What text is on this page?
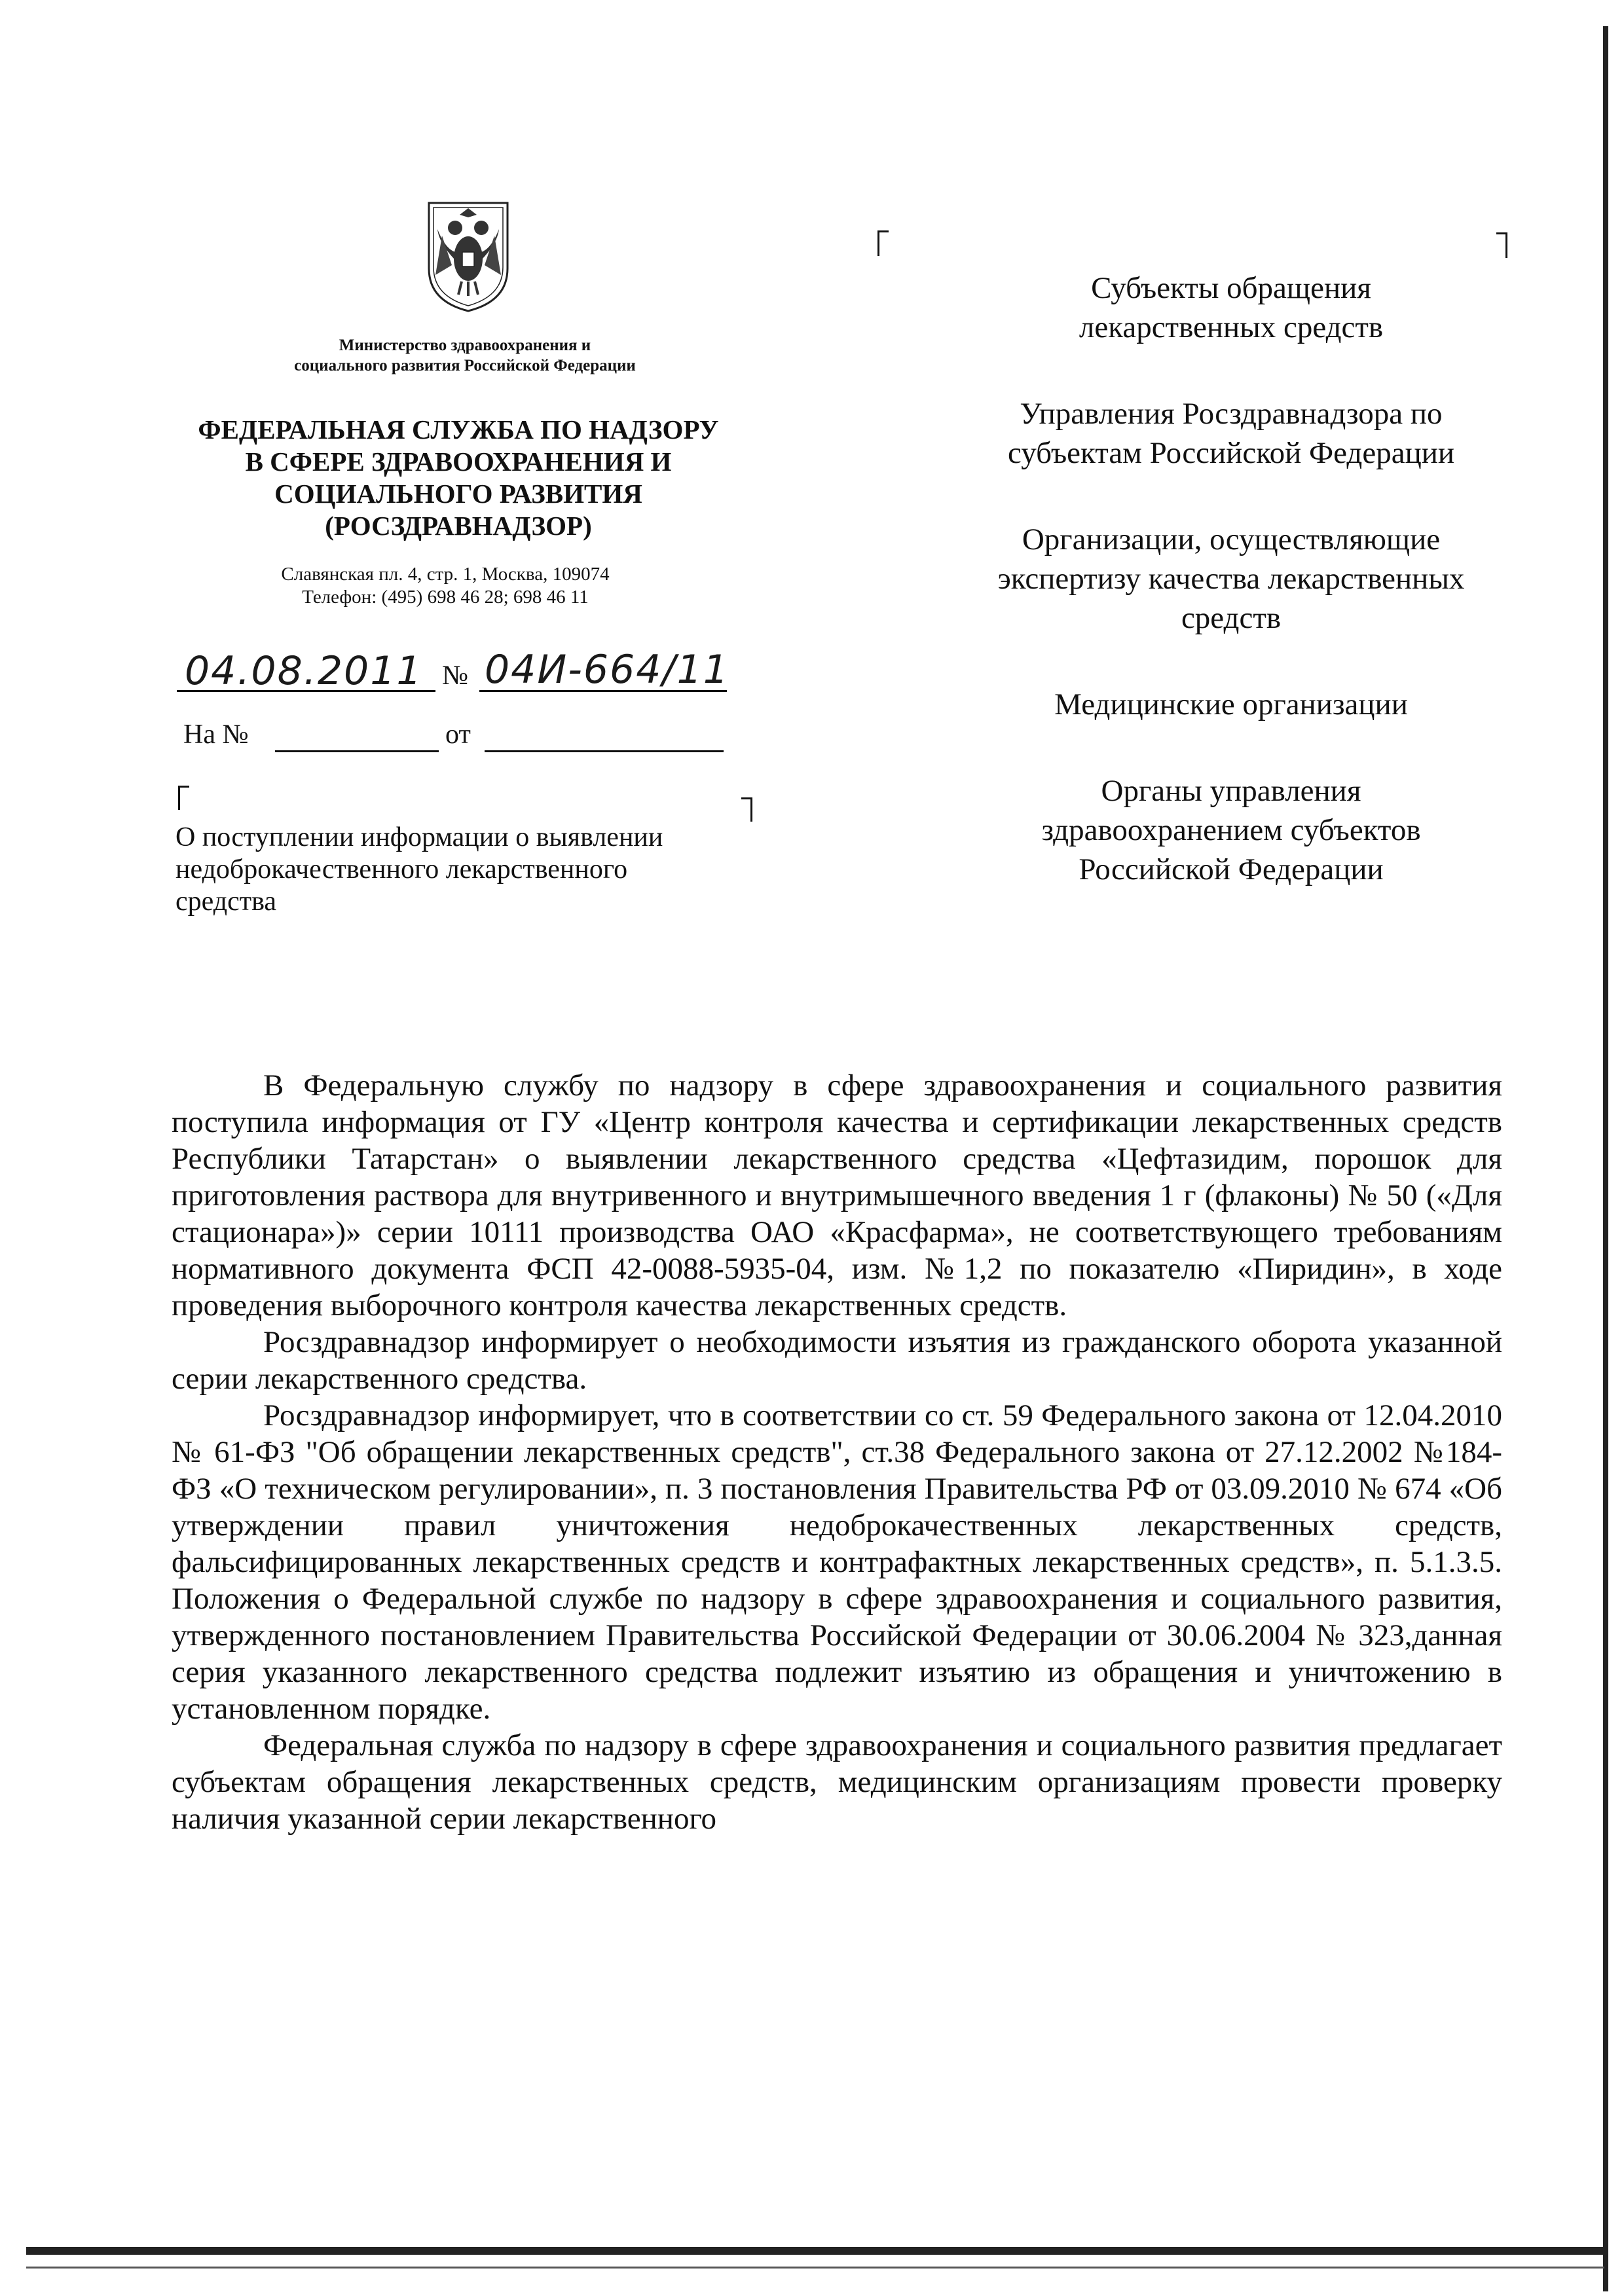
Министерство здравоохранения и
социального развития Российской Федерации
ФЕДЕРАЛЬНАЯ СЛУЖБА ПО НАДЗОРУ
В СФЕРЕ ЗДРАВООХРАНЕНИЯ И
СОЦИАЛЬНОГО РАЗВИТИЯ
(РОСЗДРАВНАДЗОР)
Славянская пл. 4, стр. 1, Москва, 109074
Телефон: (495) 698 46 28; 698 46 11
04.08.2011 № 04И-664/11
На №	от
О поступлении информации о выявлении
недоброкачественного лекарственного
средства
Субъекты обращения
лекарственных средств
Управления Росздравнадзора по
субъектам Российской Федерации
Организации, осуществляющие
экспертизу качества лекарственных
средств
Медицинские организации
Органы управления
здравоохранением субъектов
Российской Федерации

В Федеральную службу по надзору в сфере здравоохранения и социального развития поступила информация от ГУ «Центр контроля качества и сертификации лекарственных средств Республики Татарстан» о выявлении лекарственного средства «Цефтазидим, порошок для приготовления раствора для внутривенного и внутримышечного введения 1 г (флаконы) № 50 («Для стационара»)» серии 10111 производства ОАО «Красфарма», не соответствующего требованиям нормативного документа ФСП 42-0088-5935-04, изм. №1,2 по показателю «Пиридин», в ходе проведения выборочного контроля качества лекарственных средств.

Росздравнадзор информирует о необходимости изъятия из гражданского оборота указанной серии лекарственного средства.

Росздравнадзор информирует, что в соответствии со ст. 59 Федерального закона от 12.04.2010 № 61-ФЗ "Об обращении лекарственных средств", ст.38 Федерального закона от 27.12.2002 №184-ФЗ «О техническом регулировании», п. 3 постановления Правительства РФ от 03.09.2010 № 674 «Об утверждении правил уничтожения недоброкачественных лекарственных средств, фальсифицированных лекарственных средств и контрафактных лекарственных средств», п. 5.1.3.5. Положения о Федеральной службе по надзору в сфере здравоохранения и социального развития, утвержденного постановлением Правительства Российской Федерации от 30.06.2004 № 323,данная серия указанного лекарственного средства подлежит изъятию из обращения и уничтожению в установленном порядке.

Федеральная служба по надзору в сфере здравоохранения и социального развития предлагает субъектам обращения лекарственных средств, медицинским организациям провести проверку наличия указанной серии лекарственного
